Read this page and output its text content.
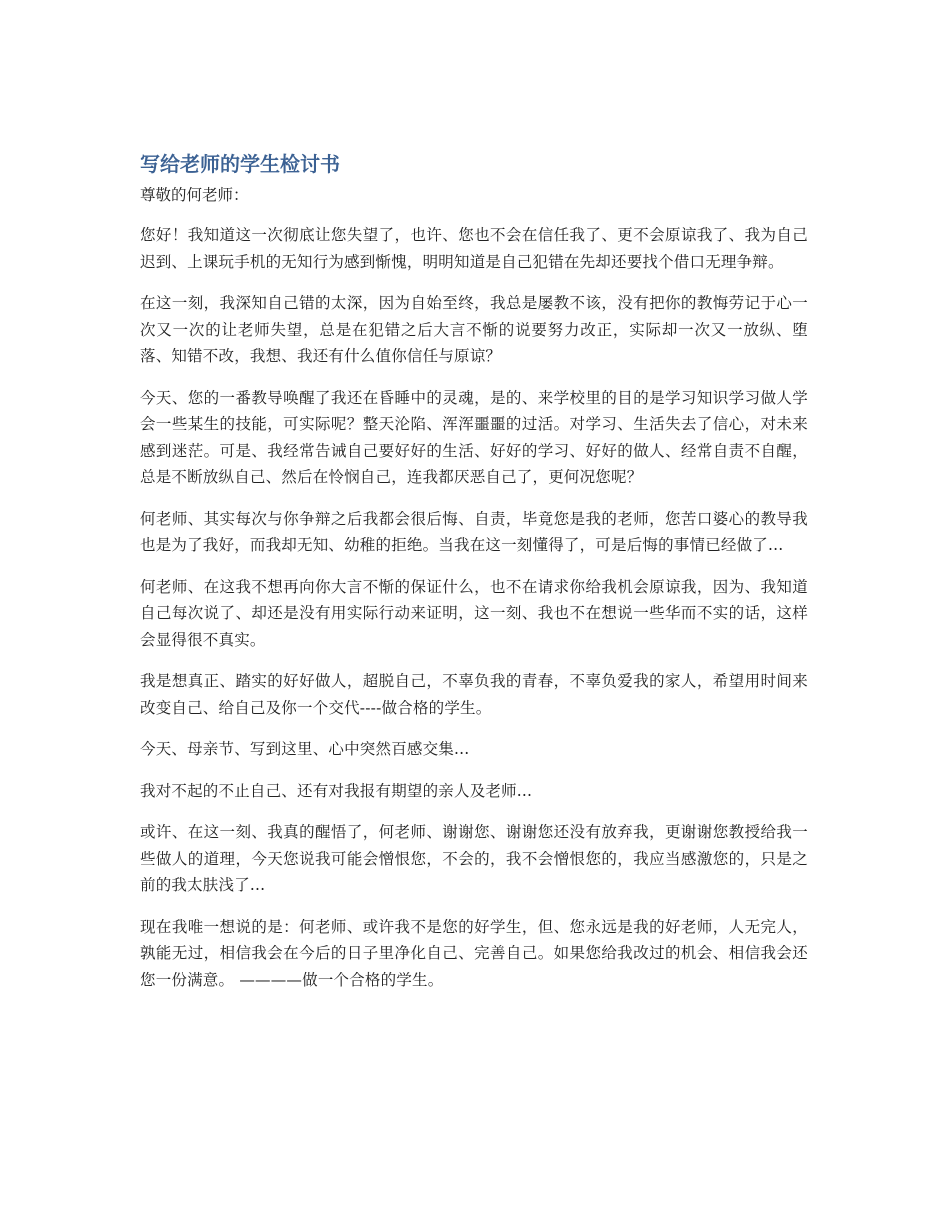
写给老师的学生检讨书

尊敬的何老师：

您好！我知道这一次彻底让您失望了，也许、您也不会在信任我了、更不会原谅我了、我为自己迟到、上课玩手机的无知行为感到惭愧，明明知道是自己犯错在先却还要找个借口无理争辩。

在这一刻，我深知自己错的太深，因为自始至终，我总是屡教不该，没有把你的教悔劳记于心一次又一次的让老师失望，总是在犯错之后大言不惭的说要努力改正，实际却一次又一放纵、堕落、知错不改，我想、我还有什么值你信任与原谅？

今天、您的一番教导唤醒了我还在昏睡中的灵魂，是的、来学校里的目的是学习知识学习做人学会一些某生的技能，可实际呢？整天沦陷、浑浑噩噩的过活。对学习、生活失去了信心，对未来感到迷茫。可是、我经常告诫自己要好好的生活、好好的学习、好好的做人、经常自责不自醒，总是不断放纵自己、然后在怜悯自己，连我都厌恶自己了，更何况您呢？

何老师、其实每次与你争辩之后我都会很后悔、自责，毕竟您是我的老师，您苦口婆心的教导我也是为了我好，而我却无知、幼稚的拒绝。当我在这一刻懂得了，可是后悔的事情已经做了...

何老师、在这我不想再向你大言不惭的保证什么，也不在请求你给我机会原谅我，因为、我知道自己每次说了、却还是没有用实际行动来证明，这一刻、我也不在想说一些华而不实的话，这样会显得很不真实。

我是想真正、踏实的好好做人，超脱自己，不辜负我的青春，不辜负爱我的家人，希望用时间来改变自己、给自己及你一个交代----做合格的学生。

今天、母亲节、写到这里、心中突然百感交集...

我对不起的不止自己、还有对我报有期望的亲人及老师...

或许、在这一刻、我真的醒悟了，何老师、谢谢您、谢谢您还没有放弃我，更谢谢您教授给我一些做人的道理，今天您说我可能会憎恨您，不会的，我不会憎恨您的，我应当感激您的，只是之前的我太肤浅了...

现在我唯一想说的是：何老师、或许我不是您的好学生，但、您永远是我的好老师，人无完人，孰能无过，相信我会在今后的日子里净化自己、完善自己。如果您给我改过的机会、相信我会还您一份满意。 ————做一个合格的学生。
